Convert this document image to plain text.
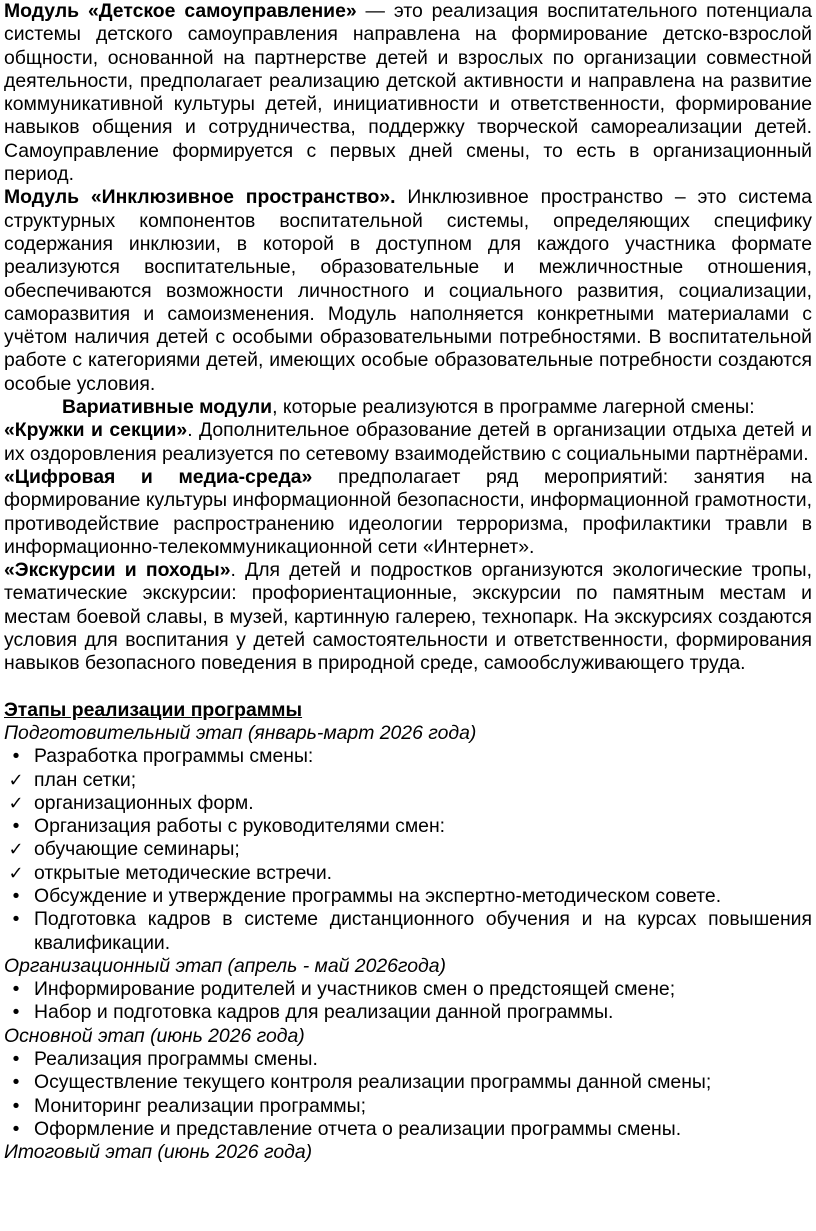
Модуль «Детское самоуправление» — это реализация воспитательного потенциала системы детского самоуправления направлена на формирование детско-взрослой общности, основанной на партнерстве детей и взрослых по организации совместной деятельности, предполагает реализацию детской активности и направлена на развитие коммуникативной культуры детей, инициативности и ответственности, формирование навыков общения и сотрудничества, поддержку творческой самореализации детей. Самоуправление формируется с первых дней смены, то есть в организационный период.

Модуль «Инклюзивное пространство». Инклюзивное пространство – это система структурных компонентов воспитательной системы, определяющих специфику содержания инклюзии, в которой в доступном для каждого участника формате реализуются воспитательные, образовательные и межличностные отношения, обеспечиваются возможности личностного и социального развития, социализации, саморазвития и самоизменения. Модуль наполняется конкретными материалами с учётом наличия детей с особыми образовательными потребностями. В воспитательной работе с категориями детей, имеющих особые образовательные потребности создаются особые условия.

Вариативные модули, которые реализуются в программе лагерной смены:

«Кружки и секции». Дополнительное образование детей в организации отдыха детей и их оздоровления реализуется по сетевому взаимодействию с социальными партнёрами.

«Цифровая и медиа-среда» предполагает ряд мероприятий: занятия на формирование культуры информационной безопасности, информационной грамотности, противодействие распространению идеологии терроризма, профилактики травли в информационно-телекоммуникационной сети «Интернет».

«Экскурсии и походы». Для детей и подростков организуются экологические тропы, тематические экскурсии: профориентационные, экскурсии по памятным местам и местам боевой славы, в музей, картинную галерею, технопарк. На экскурсиях создаются условия для воспитания у детей самостоятельности и ответственности, формирования навыков безопасного поведения в природной среде, самообслуживающего труда.

Этапы реализации программы

Подготовительный этап (январь-март 2026 года)

•
Разработка программы смены:
✓
план сетки;
✓
организационных форм.
•
Организация работы с руководителями смен:
✓
обучающие семинары;
✓
открытые методические встречи.
•
Обсуждение и утверждение программы на экспертно-методическом совете.
•
Подготовка кадров в системе дистанционного обучения и на курсах повышения квалификации.

Организационный этап (апрель - май 2026года)

•
Информирование родителей и участников смен о предстоящей смене;
•
Набор и подготовка кадров для реализации данной программы.

Основной этап (июнь 2026 года)

•
Реализация программы смены.
•
Осуществление текущего контроля реализации программы данной смены;
•
Мониторинг реализации программы;
•
Оформление и представление отчета о реализации программы смены.

Итоговый этап (июнь 2026 года)
